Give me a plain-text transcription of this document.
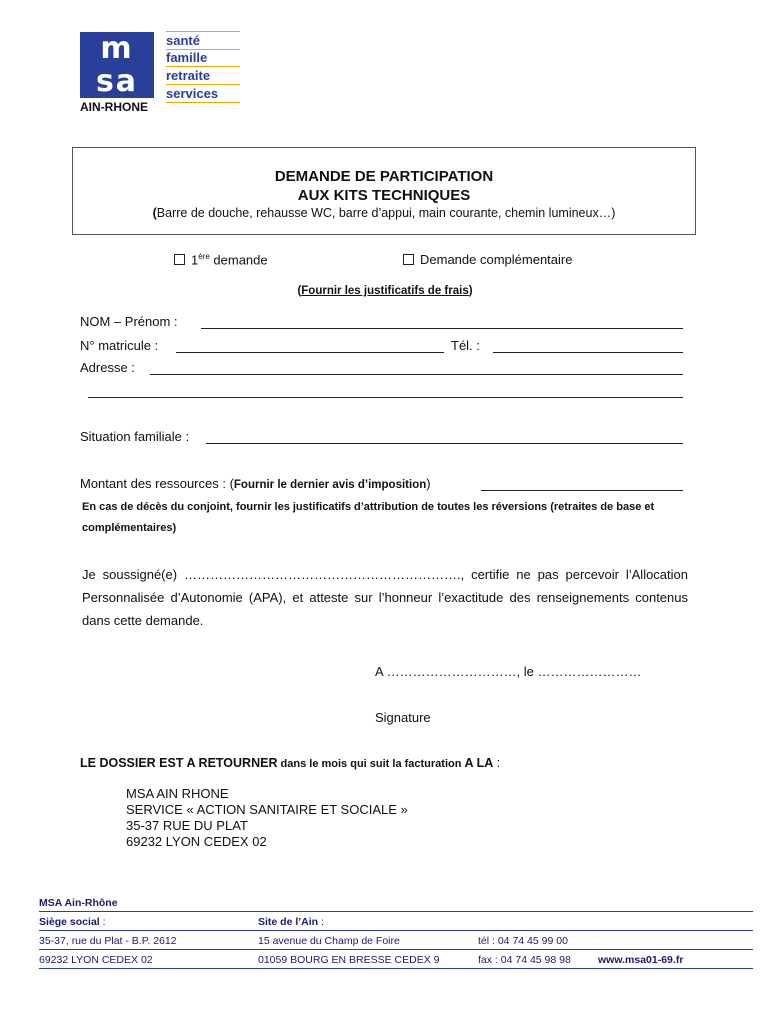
m
sa
santé
famille
retraite
services
AIN-RHONE
DEMANDE DE PARTICIPATION
AUX KITS TECHNIQUES
(Barre de douche, rehausse WC, barre d’appui, main courante, chemin lumineux…)
1ère demande	Demande complémentaire
(Fournir les justificatifs de frais)
NOM – Prénom :
N° matricule :	Tél. :
Adresse :
Situation familiale :
Montant des ressources : (Fournir le dernier avis d’imposition)
En cas de décès du conjoint, fournir les justificatifs d’attribution de toutes les réversions (retraites de base et complémentaires)
Je soussigné(e) ………………………………………………………., certifie ne pas percevoir l’Allocation Personnalisée d’Autonomie (APA), et atteste sur l’honneur l’exactitude des renseignements contenus dans cette demande.
A …………………………, le ……………………
Signature
LE DOSSIER EST A RETOURNER dans le mois qui suit la facturation A LA :
MSA AIN RHONE
SERVICE « ACTION SANITAIRE ET SOCIALE »
35-37 RUE DU PLAT
69232 LYON CEDEX 02
MSA Ain-Rhône
Siège social :	Site de l’Ain :
35-37, rue du Plat - B.P. 2612	15 avenue du Champ de Foire	tél : 04 74 45 99 00
69232 LYON CEDEX 02	01059 BOURG EN BRESSE CEDEX 9	fax : 04 74 45 98 98	www.msa01-69.fr
